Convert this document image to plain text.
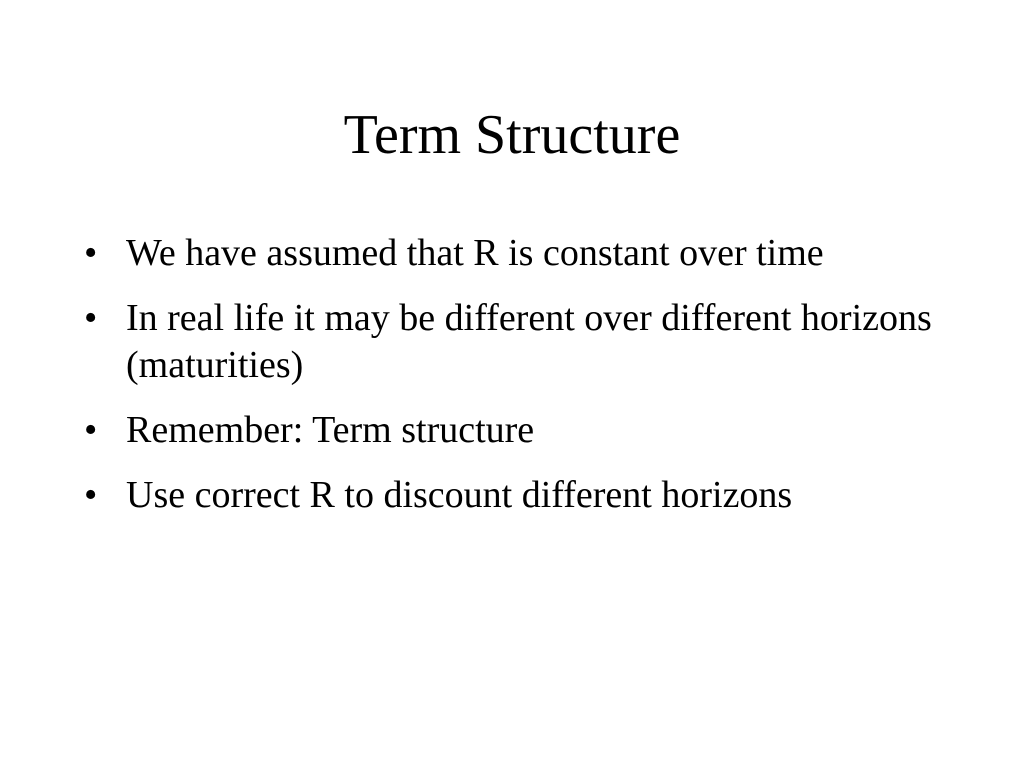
Term Structure
• We have assumed that R is constant over time
• In real life it may be different over different horizons (maturities)
• Remember: Term structure
• Use correct R to discount different horizons
